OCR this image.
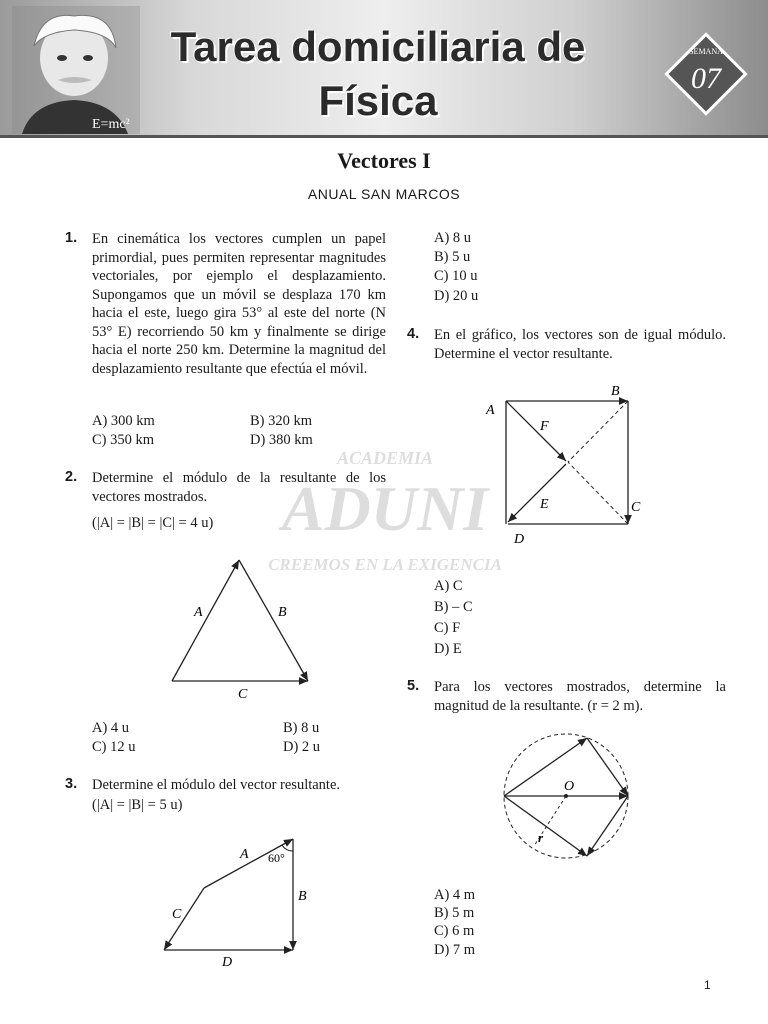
E=mc²
Tarea domiciliaria de
Física
SEMANA
07
Vectores I
ANUAL SAN MARCOS
ACADEMIA
ADUNI
CREEMOS EN LA EXIGENCIA
1. En cinemática los vectores cumplen un papel primordial, pues permiten representar magnitudes vectoriales, por ejemplo el desplazamiento. Supongamos que un móvil se desplaza 170 km hacia el este, luego gira 53° al este del norte (N 53° E) recorriendo 50 km y finalmente se dirige hacia el norte 250 km. Determine la magnitud del desplazamiento resultante que efectúa el móvil.
A) 300 km	B) 320 km
C) 350 km	D) 380 km
2. Determine el módulo de la resultante de los vectores mostrados.
(|A| = |B| = |C| = 4 u)
A	B
C
A) 4 u	B) 8 u
C) 12 u	D) 2 u
3. Determine el módulo del vector resultante.
(|A| = |B| = 5 u)
A 60°
B
C
D
A) 8 u
B) 5 u
C) 10 u
D) 20 u
4. En el gráfico, los vectores son de igual módulo. Determine el vector resultante.
A
B
C
D
E
F
A) C
B) – C
C) F
D) E
5. Para los vectores mostrados, determine la magnitud de la resultante. (r = 2 m).
O
r
A) 4 m
B) 5 m
C) 6 m
D) 7 m
1
